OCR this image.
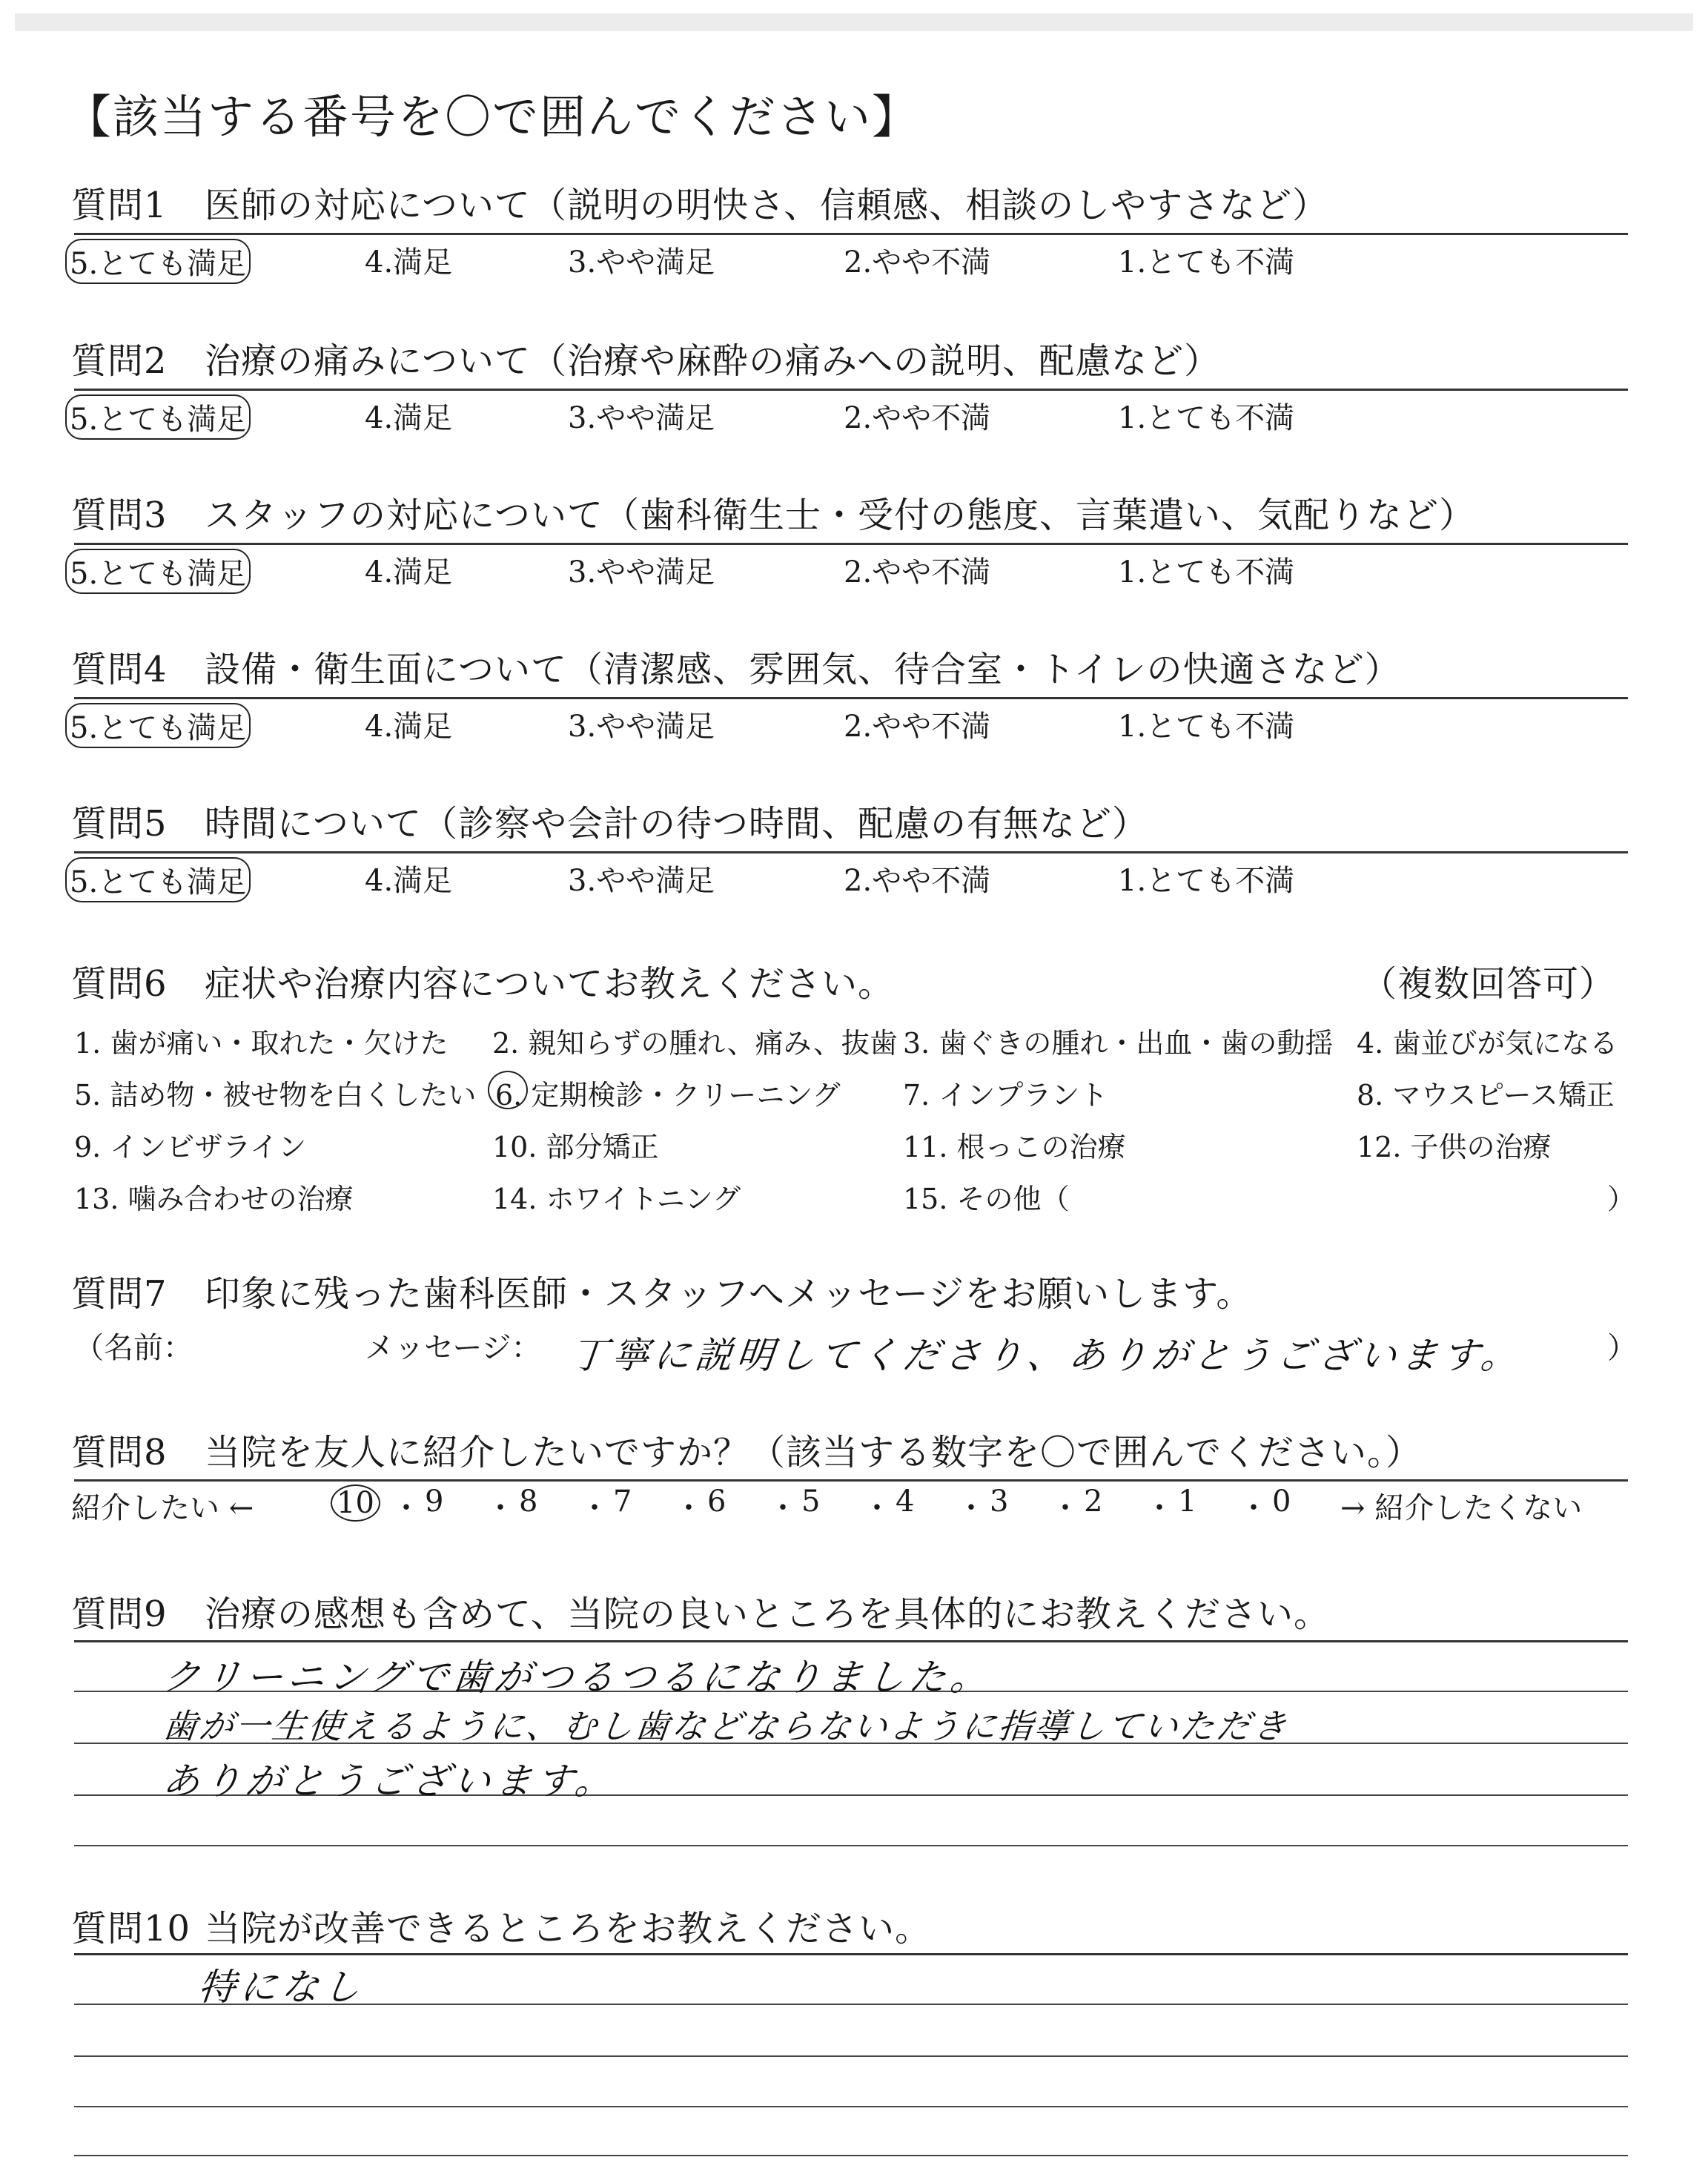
【該当する番号を〇で囲んでください】
質問1 医師の対応について（説明の明快さ、信頼感、相談のしやすさなど）
5.とても満足	4.満足	3.やや満足	2.やや不満	1.とても不満
質問2 治療の痛みについて（治療や麻酔の痛みへの説明、配慮など）
5.とても満足	4.満足	3.やや満足	2.やや不満	1.とても不満
質問3 スタッフの対応について（歯科衛生士・受付の態度、言葉遣い、気配りなど）
5.とても満足	4.満足	3.やや満足	2.やや不満	1.とても不満
質問4 設備・衛生面について（清潔感、雰囲気、待合室・トイレの快適さなど）
5.とても満足	4.満足	3.やや満足	2.やや不満	1.とても不満
質問5 時間について（診察や会計の待つ時間、配慮の有無など）
5.とても満足	4.満足	3.やや満足	2.やや不満	1.とても不満
質問6 症状や治療内容についてお教えください。	（複数回答可）
1. 歯が痛い・取れた・欠けた 2. 親知らずの腫れ、痛み、抜歯 3. 歯ぐきの腫れ・出血・歯の動揺 4. 歯並びが気になる
5. 詰め物・被せ物を白くしたい 6. 定期検診・クリーニング 7. インプラント	8. マウスピース矯正
9. インビザライン	10. 部分矯正	11. 根っこの治療	12. 子供の治療
13. 噛み合わせの治療	14. ホワイトニング	15. その他（	）
質問7 印象に残った歯科医師・スタッフへメッセージをお願いします。
（名前：	メッセージ： 丁寧に説明してくださり、ありがとうございます。	）
質問8 当院を友人に紹介したいですか？（該当する数字を〇で囲んでください。）
紹介したい ←	10 ・ 9 ・ 8 ・ 7 ・ 6 ・ 5 ・ 4 ・ 3 ・ 2 ・ 1 ・ 0 → 紹介したくない
質問9 治療の感想も含めて、当院の良いところを具体的にお教えください。
クリーニングで歯がつるつるになりました。
歯が一生使えるように、むし歯などならないように指導していただき
ありがとうございます。
質問10 当院が改善できるところをお教えください。
特になし
